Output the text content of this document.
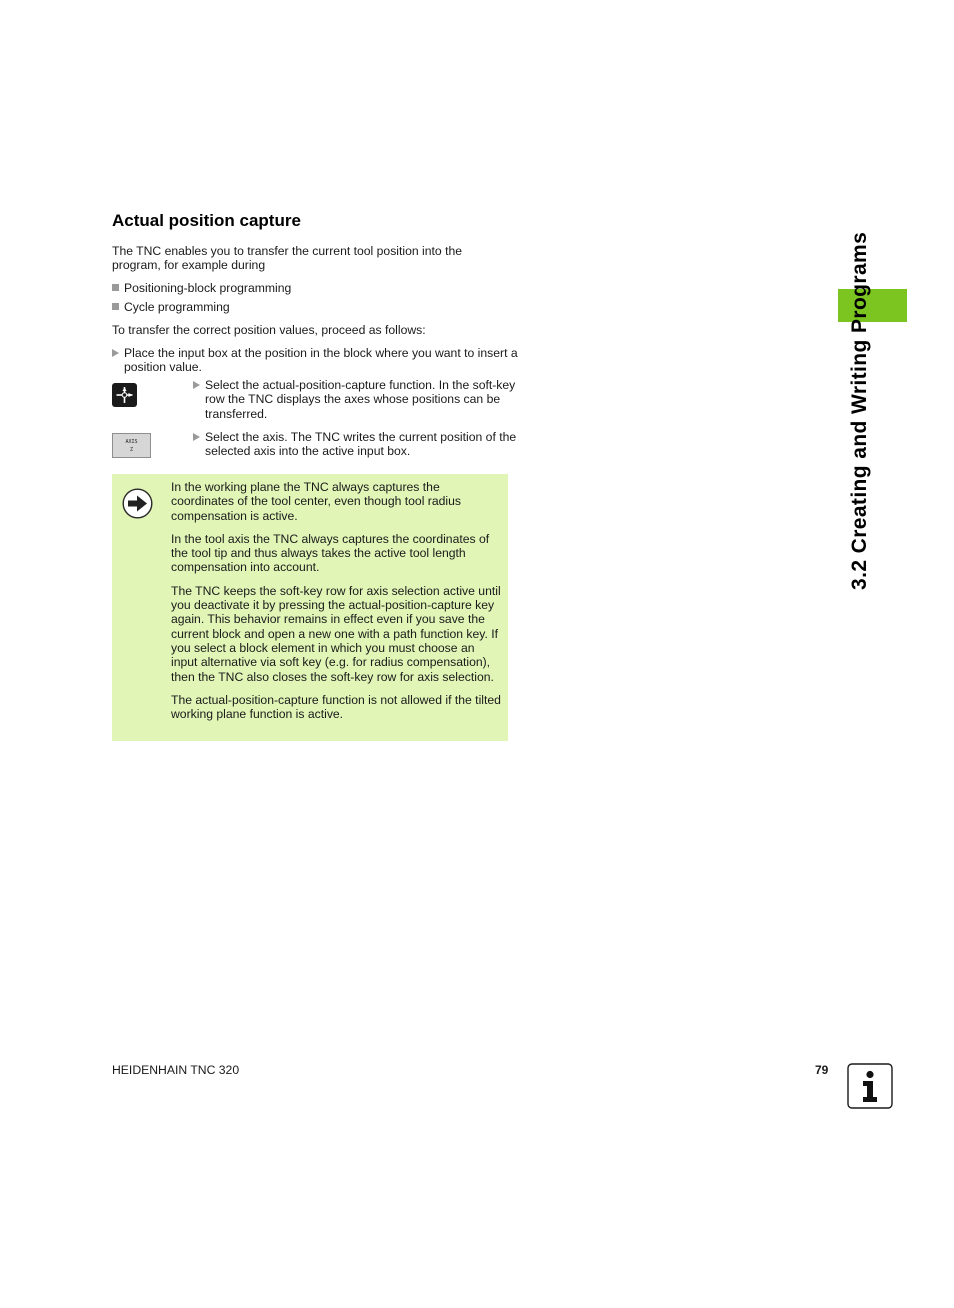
Actual position capture
The TNC enables you to transfer the current tool position into the program, for example during
Positioning-block programming
Cycle programming
To transfer the correct position values, proceed as follows:
Place the input box at the position in the block where you want to insert a position value.
Select the actual-position-capture function. In the soft-key row the TNC displays the axes whose positions can be transferred.
AXIS
Z
Select the axis. The TNC writes the current position of the selected axis into the active input box.

In the working plane the TNC always captures the coordinates of the tool center, even though tool radius compensation is active.

In the tool axis the TNC always captures the coordinates of the tool tip and thus always takes the active tool length compensation into account.

The TNC keeps the soft-key row for axis selection active until you deactivate it by pressing the actual-position-capture key again. This behavior remains in effect even if you save the current block and open a new one with a path function key. If you select a block element in which you must choose an input alternative via soft key (e.g. for radius compensation), then the TNC also closes the soft-key row for axis selection.

The actual-position-capture function is not allowed if the tilted working plane function is active.

3.2 Creating and Writing Programs
HEIDENHAIN TNC 320	79
